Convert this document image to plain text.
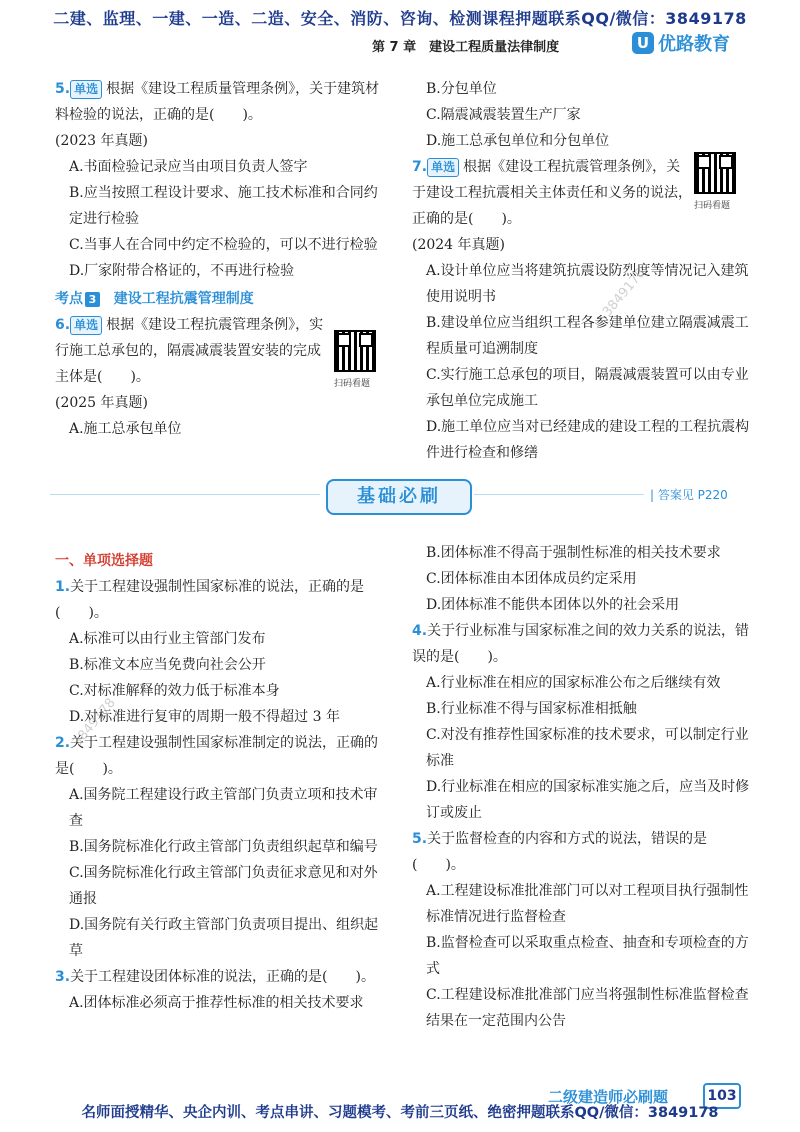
二建、监理、一建、一造、二造、安全、消防、咨询、检测课程押题联系QQ/微信：3849178
第 7 章　建设工程质量法律制度	U 优路教育
5. 单选 根据《建设工程质量管理条例》，关于建筑材料检验的说法，正确的是(　　)。
(2023 年真题)
A.书面检验记录应当由项目负责人签字
B.应当按照工程设计要求、施工技术标准和合同约定进行检验
C.当事人在合同中约定不检验的，可以不进行检验
D.厂家附带合格证的，不再进行检验
考点 3 建设工程抗震管理制度
6. 单选 根据《建设工程抗震管理条例》，实行施工总承包的，隔震减震装置安装的完成主体是(　　)。
(2025 年真题)
A.施工总承包单位
扫码看题
B.分包单位
C.隔震减震装置生产厂家
D.施工总承包单位和分包单位
7. 单选 根据《建设工程抗震管理条例》，关于建设工程抗震相关主体责任和义务的说法，正确的是(　　)。
(2024 年真题)
A.设计单位应当将建筑抗震设防烈度等情况记入建筑使用说明书
B.建设单位应当组织工程各参建单位建立隔震减震工程质量可追溯制度
C.实行施工总承包的项目，隔震减震装置可以由专业承包单位完成施工
D.施工单位应当对已经建成的建设工程的工程抗震构件进行检查和修缮
扫码看题
基础必刷	| 答案见 P220
一、单项选择题
1.关于工程建设强制性国家标准的说法，正确的是(　　)。
A.标准可以由行业主管部门发布
B.标准文本应当免费向社会公开
C.对标准解释的效力低于标准本身
D.对标准进行复审的周期一般不得超过 3 年
2.关于工程建设强制性国家标准制定的说法，正确的是(　　)。
A.国务院工程建设行政主管部门负责立项和技术审查
B.国务院标准化行政主管部门负责组织起草和编号
C.国务院标准化行政主管部门负责征求意见和对外通报
D.国务院有关行政主管部门负责项目提出、组织起草
3.关于工程建设团体标准的说法，正确的是(　　)。
A.团体标准必须高于推荐性标准的相关技术要求
B.团体标准不得高于强制性标准的相关技术要求
C.团体标准由本团体成员约定采用
D.团体标准不能供本团体以外的社会采用
4.关于行业标准与国家标准之间的效力关系的说法，错误的是(　　)。
A.行业标准在相应的国家标准公布之后继续有效
B.行业标准不得与国家标准相抵触
C.对没有推荐性国家标准的技术要求，可以制定行业标准
D.行业标准在相应的国家标准实施之后，应当及时修订或废止
5.关于监督检查的内容和方式的说法，错误的是(　　)。
A.工程建设标准批准部门可以对工程项目执行强制性标准情况进行监督检查
B.监督检查可以采取重点检查、抽查和专项检查的方式
C.工程建设标准批准部门应当将强制性标准监督检查结果在一定范围内公告
3849178
3849178
二级建造师必刷题	103
名师面授精华、央企内训、考点串讲、习题模考、考前三页纸、绝密押题联系QQ/微信：3849178
